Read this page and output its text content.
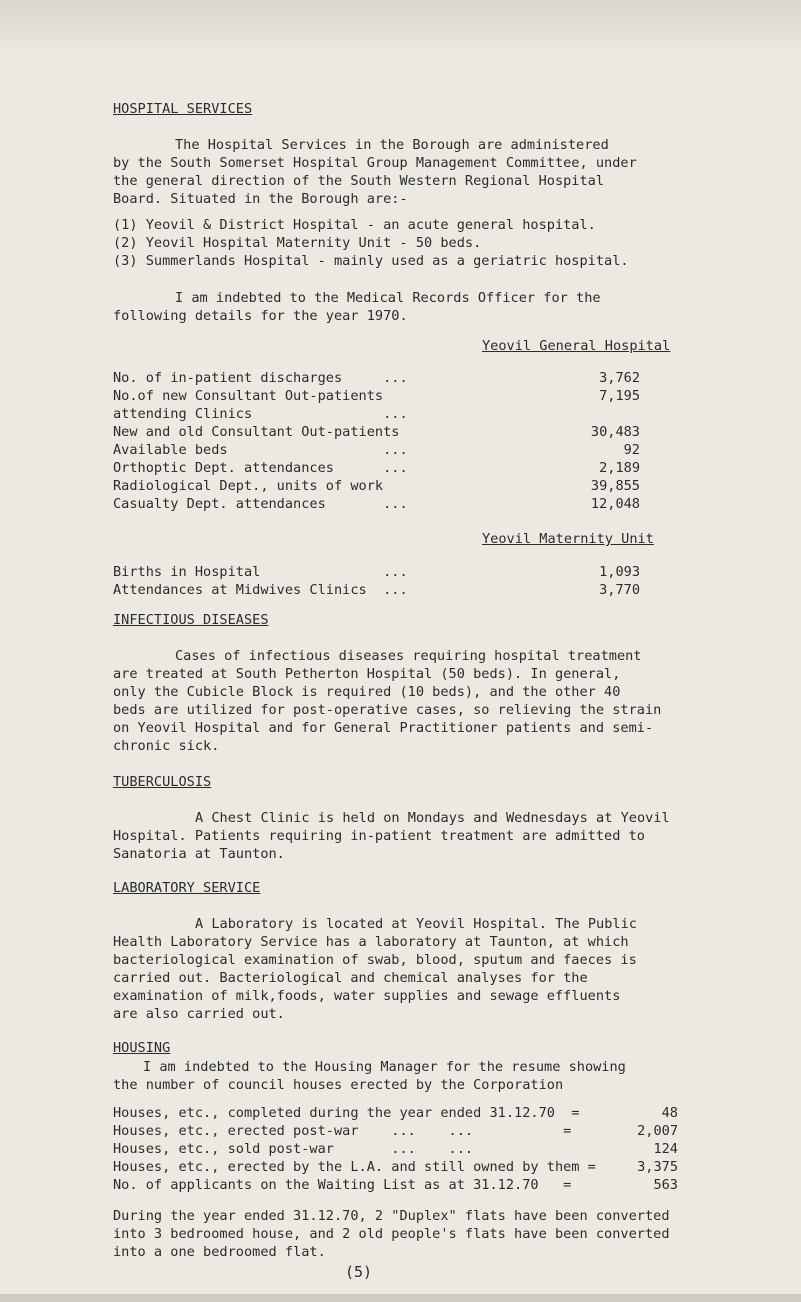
HOSPITAL SERVICES
The Hospital Services in the Borough are administered
by the South Somerset Hospital Group Management Committee, under
the general direction of the South Western Regional Hospital
Board. Situated in the Borough are:-
(1) Yeovil & District Hospital - an acute general hospital.
(2) Yeovil Hospital Maternity Unit - 50 beds.
(3) Summerlands Hospital - mainly used as a geriatric hospital.
I am indebted to the Medical Records Officer for the
following details for the year 1970.
Yeovil General Hospital
No. of in-patient discharges     ...	3,762
No.of new Consultant Out-patients	7,195
attending Clinics                ...
New and old Consultant Out-patients	30,483
Available beds                   ...	92
Orthoptic Dept. attendances      ...	2,189
Radiological Dept., units of work	39,855
Casualty Dept. attendances       ...	12,048
Yeovil Maternity Unit
Births in Hospital               ...	1,093
Attendances at Midwives Clinics  ...	3,770
INFECTIOUS DISEASES
Cases of infectious diseases requiring hospital treatment
are treated at South Petherton Hospital (50 beds). In general,
only the Cubicle Block is required (10 beds), and the other 40
beds are utilized for post-operative cases, so relieving the strain
on Yeovil Hospital and for General Practitioner patients and semi-
chronic sick.
TUBERCULOSIS
A Chest Clinic is held on Mondays and Wednesdays at Yeovil
Hospital. Patients requiring in-patient treatment are admitted to
Sanatoria at Taunton.
LABORATORY SERVICE
A Laboratory is located at Yeovil Hospital. The Public
Health Laboratory Service has a laboratory at Taunton, at which
bacteriological examination of swab, blood, sputum and faeces is
carried out. Bacteriological and chemical analyses for the
examination of milk,foods, water supplies and sewage effluents
are also carried out.
HOUSING
I am indebted to the Housing Manager for the resume showing
the number of council houses erected by the Corporation
Houses, etc., completed during the year ended 31.12.70  =	48
Houses, etc., erected post-war    ...    ...           =	2,007
Houses, etc., sold post-war       ...    ...	124
Houses, etc., erected by the L.A. and still owned by them =	3,375
No. of applicants on the Waiting List as at 31.12.70   =	563
During the year ended 31.12.70, 2 "Duplex" flats have been converted
into 3 bedroomed house, and 2 old people's flats have been converted
into a one bedroomed flat.
(5)
